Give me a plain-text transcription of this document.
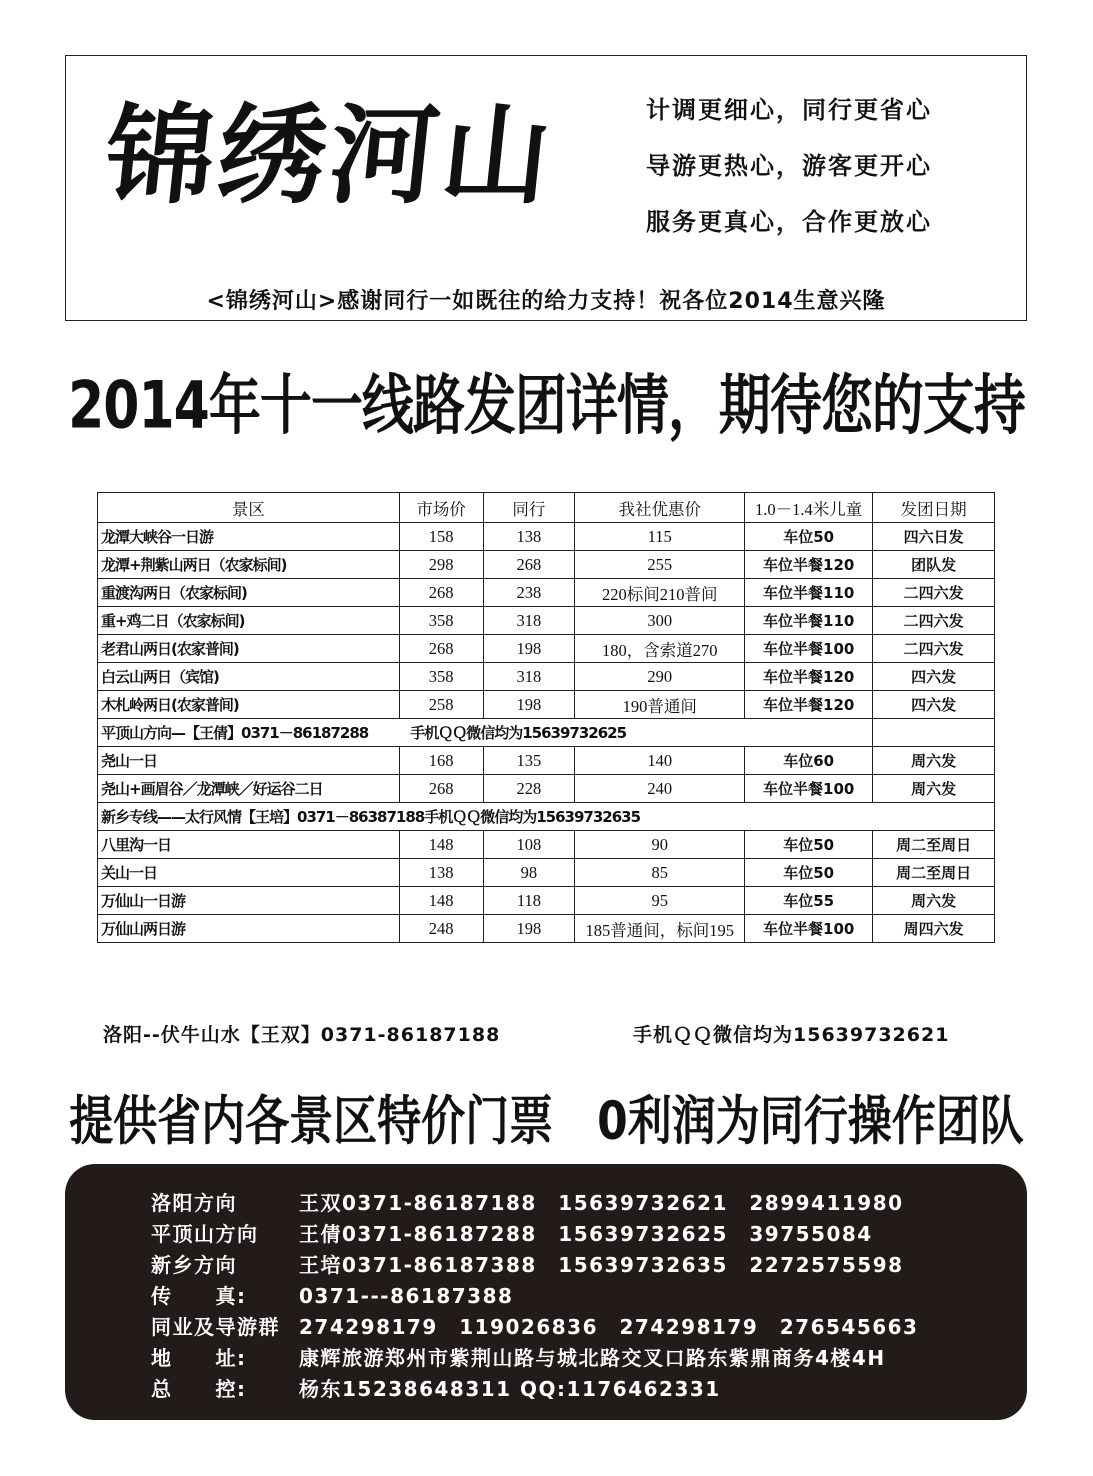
锦绣河山	计调更细心，同行更省心
导游更热心，游客更开心
服务更真心，合作更放心
<锦绣河山>感谢同行一如既往的给力支持！祝各位2014生意兴隆
2014年十一线路发团详情，期待您的支持
景区	市场价	同行	我社优惠价	1.0－1.4米儿童	发团日期
龙潭大峡谷一日游	158	138	115	车位50	四六日发
龙潭+荆紫山两日（农家标间)	298	268	255	车位半餐120	团队发
重渡沟两日（农家标间)	268	238	220标间210普间	车位半餐110	二四六发
重+鸡二日（农家标间)	358	318	300	车位半餐110	二四六发
老君山两日(农家普间)	268	198	180，含索道270	车位半餐100	二四六发
白云山两日（宾馆)	358	318	290	车位半餐120	四六发
木札岭两日(农家普间)	258	198	190普通间	车位半餐120	四六发
平顶山方向—【王倩】0371－86187288　　　手机ＱＱ微信均为15639732625					
尧山一日	168	135	140	车位60	周六发
尧山+画眉谷／龙潭峡／好运谷二日	268	228	240	车位半餐100	周六发
新乡专线——太行风情【王培】0371－86387188手机ＱＱ微信均为15639732635					
八里沟一日	148	108	90	车位50	周二至周日
关山一日	138	98	85	车位50	周二至周日
万仙山一日游	148	118	95	车位55	周六发
万仙山两日游	248	198	185普通间，标间195	车位半餐100	周四六发
洛阳--伏牛山水【王双】0371-86187188	手机ＱＱ微信均为15639732621
提供省内各景区特价门票　0利润为同行操作团队
洛阳方向	王双0371-86187188　15639732621　2899411980
平顶山方向 王倩0371-86187288　15639732625　39755084
新乡方向	王培0371-86187388　15639732635　2272575598
传　　真:	0371---86187388
同业及导游群 274298179　119026836　274298179　276545663
地　　址:	康辉旅游郑州市紫荆山路与城北路交叉口路东紫鼎商务4楼4H
总　　控:	杨东15238648311 QQ:1176462331
